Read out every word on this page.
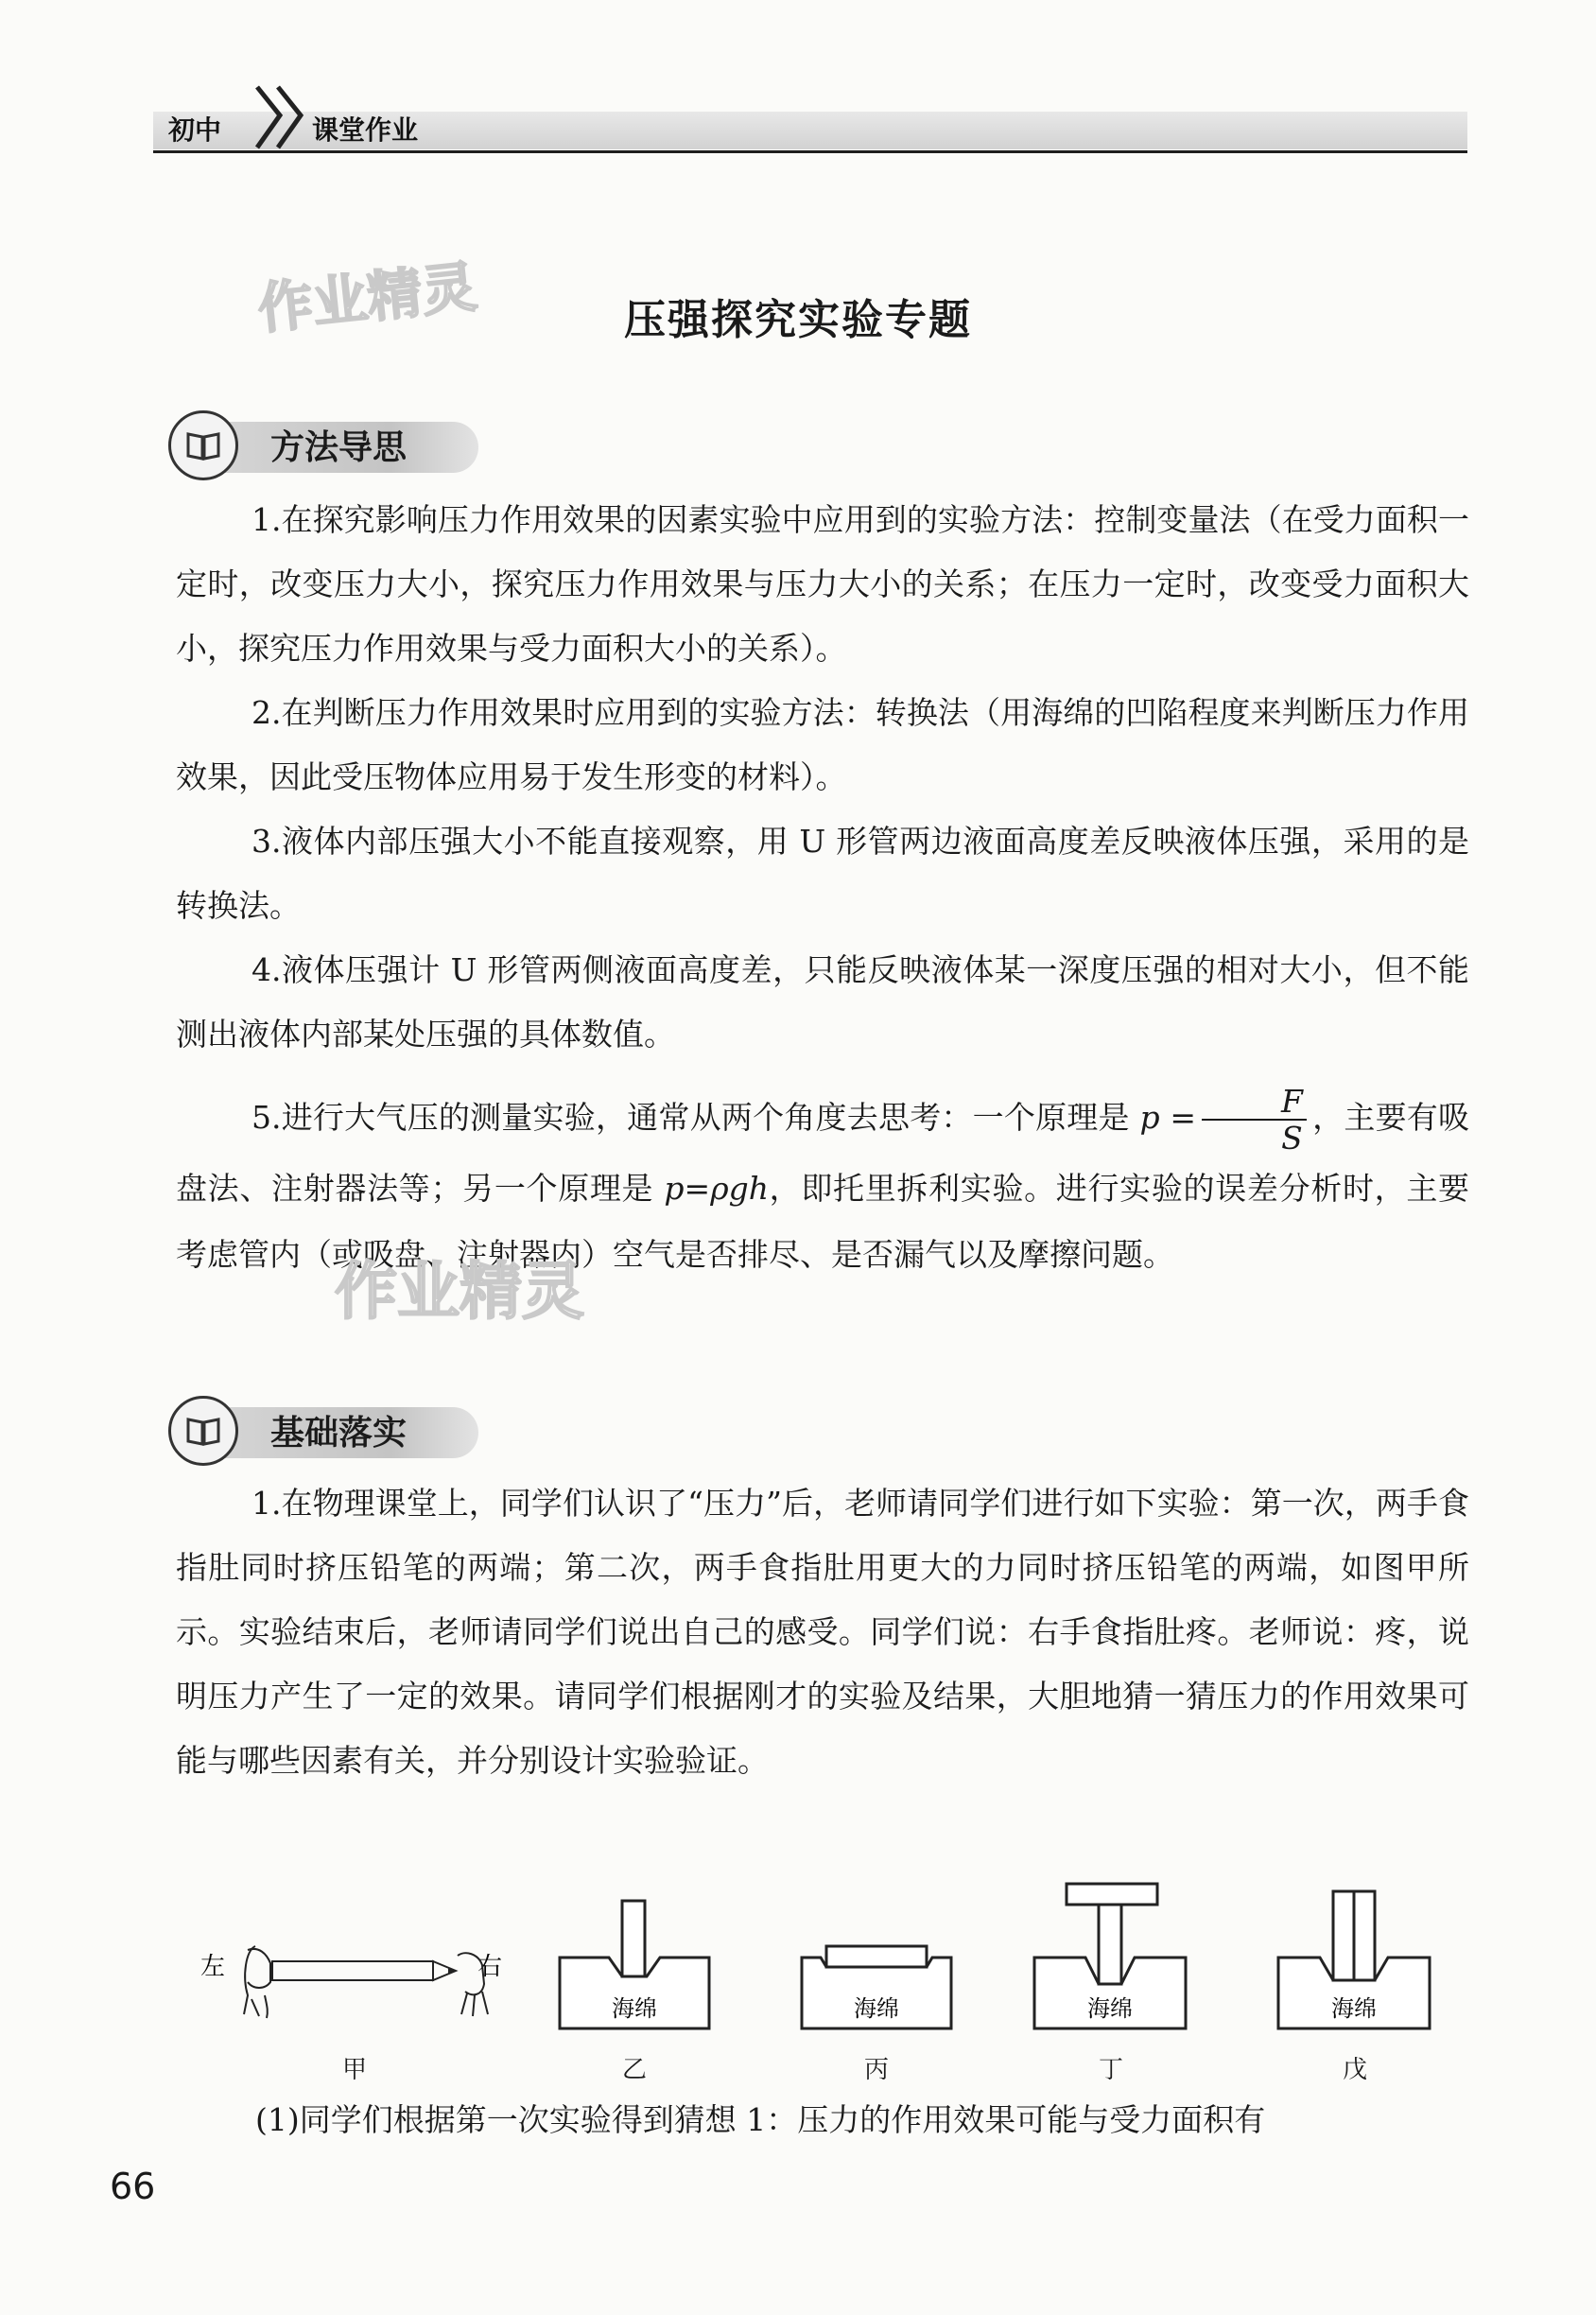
初中	课堂作业
作业精灵	压强探究实验专题
方法导思
1.在探究影响压力作用效果的因素实验中应用到的实验方法：控制变量法（在受力面积一定时，改变压力大小，探究压力作用效果与压力大小的关系；在压力一定时，改变受力面积大小，探究压力作用效果与受力面积大小的关系）。
2.在判断压力作用效果时应用到的实验方法：转换法（用海绵的凹陷程度来判断压力作用效果，因此受压物体应用易于发生形变的材料）。
3.液体内部压强大小不能直接观察，用 U 形管两边液面高度差反映液体压强，采用的是转换法。
4.液体压强计 U 形管两侧液面高度差，只能反映液体某一深度压强的相对大小，但不能测出液体内部某处压强的具体数值。
5.进行大气压的测量实验，通常从两个角度去思考：一个原理是 $p = \frac{F}{S}$ ，主要有吸盘法、注射器法等；另一个原理是 p=ρgh，即托里拆利实验。进行实验的误差分析时，主要考虑管内（或吸盘、注射器内）空气是否排尽、是否漏气以及摩擦问题。
作业精灵
基础落实
1.在物理课堂上，同学们认识了“压力”后，老师请同学们进行如下实验：第一次，两手食指肚同时挤压铅笔的两端；第二次，两手食指肚用更大的力同时挤压铅笔的两端，如图甲所示。实验结束后，老师请同学们说出自己的感受。同学们说：右手食指肚疼。老师说：疼，说明压力产生了一定的效果。请同学们根据刚才的实验及结果，大胆地猜一猜压力的作用效果可能与哪些因素有关，并分别设计实验验证。
左	右
海绵	海绵	海绵	海绵
甲	乙	丙	丁	戊
(1)同学们根据第一次实验得到猜想 1：压力的作用效果可能与受力面积有
66
